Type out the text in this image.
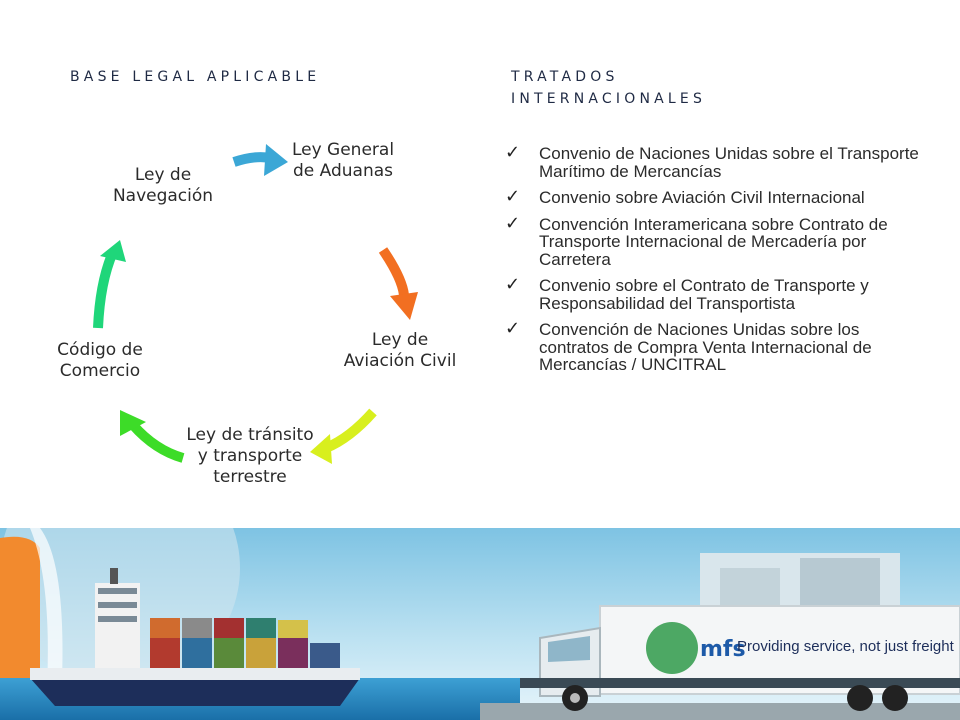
BASE LEGAL APLICABLE	TRATADOS INTERNACIONALES
Ley General de Aduanas
Ley de Aviación Civil
Ley de tránsito y transporte terrestre
Código de Comercio
Ley de Navegación
✓ Convenio de Naciones Unidas sobre el Transporte Marítimo de Mercancías
✓ Convenio sobre Aviación Civil Internacional
✓ Convención Interamericana sobre Contrato de Transporte Internacional de Mercadería por Carretera
✓ Convenio sobre el Contrato de Transporte y Responsabilidad del Transportista
✓ Convención de Naciones Unidas sobre los contratos de Compra Venta Internacional de Mercancías / UNCITRAL
mfs
Providing service, not just freight
